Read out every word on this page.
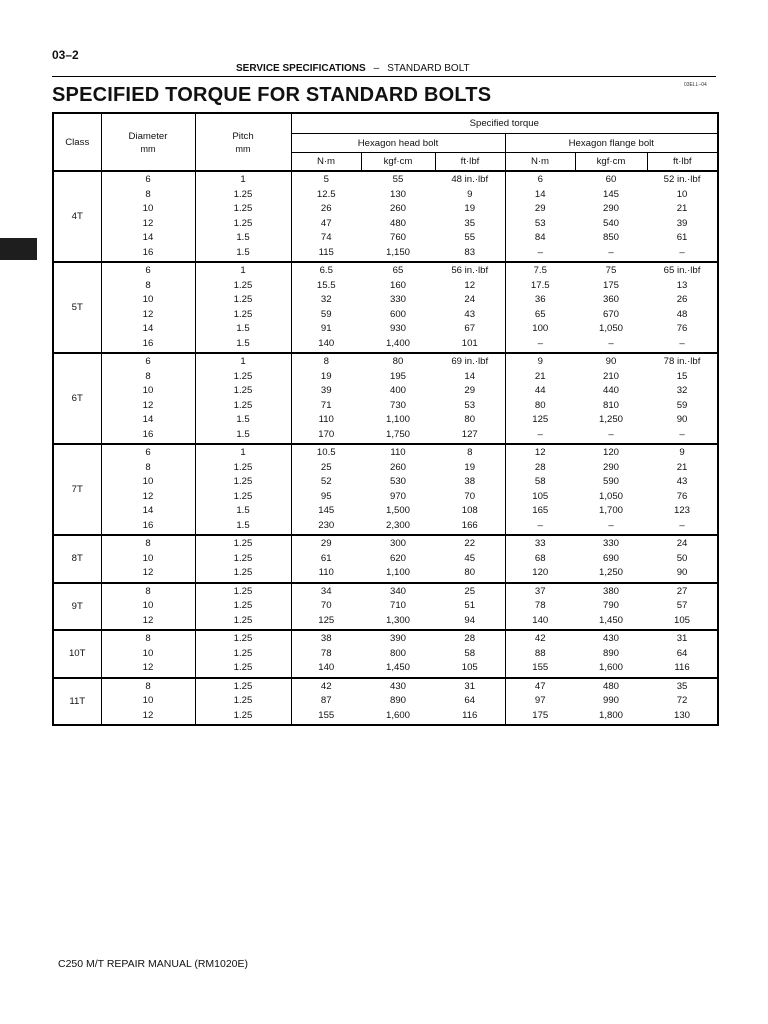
03–2
SERVICE SPECIFICATIONS – STANDARD BOLT
03ELL–04
SPECIFIED TORQUE FOR STANDARD BOLTS
Class	Diameter
mm	Pitch
mm	Specified torque					
			Hexagon head bolt			Hexagon flange bolt		
			N·m	kgf·cm	ft·lbf	N·m	kgf·cm	ft·lbf
4T	6	1	5	55	48 in.·lbf	6	60	52 in.·lbf
	8	1.25	12.5	130	9	14	145	10
	10	1.25	26	260	19	29	290	21
	12	1.25	47	480	35	53	540	39
	14	1.5	74	760	55	84	850	61
	16	1.5	115	1,150	83	–	–	–
5T	6	1	6.5	65	56 in.·lbf	7.5	75	65 in.·lbf
	8	1.25	15.5	160	12	17.5	175	13
	10	1.25	32	330	24	36	360	26
	12	1.25	59	600	43	65	670	48
	14	1.5	91	930	67	100	1,050	76
	16	1.5	140	1,400	101	–	–	–
6T	6	1	8	80	69 in.·lbf	9	90	78 in.·lbf
	8	1.25	19	195	14	21	210	15
	10	1.25	39	400	29	44	440	32
	12	1.25	71	730	53	80	810	59
	14	1.5	110	1,100	80	125	1,250	90
	16	1.5	170	1,750	127	–	–	–
7T	6	1	10.5	110	8	12	120	9
	8	1.25	25	260	19	28	290	21
	10	1.25	52	530	38	58	590	43
	12	1.25	95	970	70	105	1,050	76
	14	1.5	145	1,500	108	165	1,700	123
	16	1.5	230	2,300	166	–	–	–
8T	8	1.25	29	300	22	33	330	24
	10	1.25	61	620	45	68	690	50
	12	1.25	110	1,100	80	120	1,250	90
9T	8	1.25	34	340	25	37	380	27
	10	1.25	70	710	51	78	790	57
	12	1.25	125	1,300	94	140	1,450	105
10T	8	1.25	38	390	28	42	430	31
	10	1.25	78	800	58	88	890	64
	12	1.25	140	1,450	105	155	1,600	116
11T	8	1.25	42	430	31	47	480	35
	10	1.25	87	890	64	97	990	72
	12	1.25	155	1,600	116	175	1,800	130
C250 M/T REPAIR MANUAL (RM1020E)
